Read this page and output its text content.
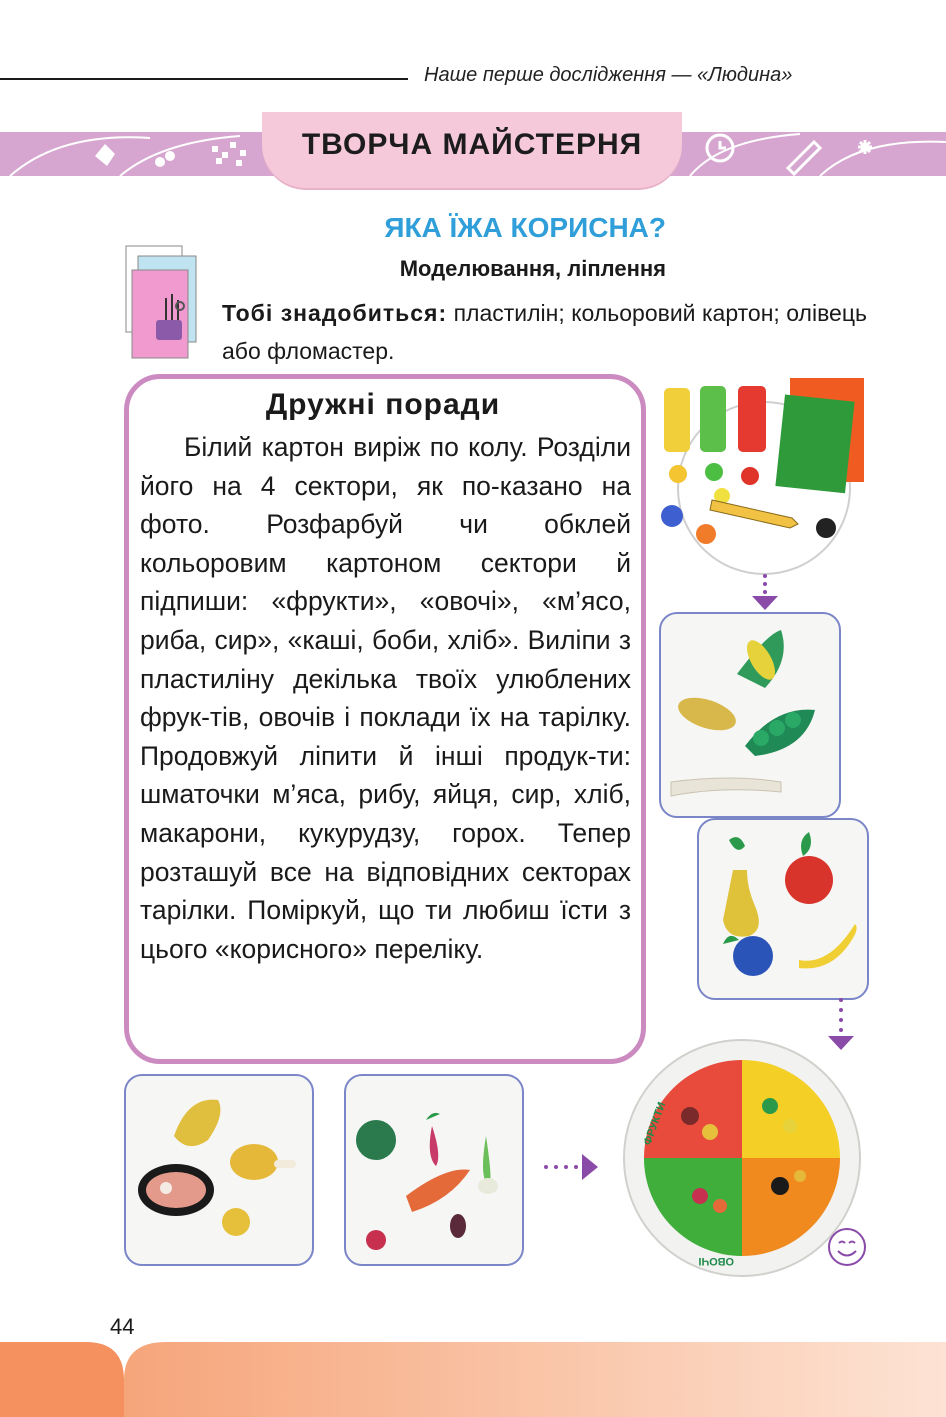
Наше перше дослідження — «Людина»
ТВОРЧА МАЙСТЕРНЯ
ЯКА ЇЖА КОРИСНА?
Моделювання, ліплення
Тобі знадобиться: пластилін; кольоровий картон; олівець або фломастер.
Дружні поради

Білий картон виріж по колу. Розділи його на 4 сектори, як по-казано на фото. Розфарбуй чи обклей кольоровим картоном сектори й підпиши: «фрукти», «овочі», «м’ясо, риба, сир», «каші, боби, хліб». Виліпи з пластиліну декілька твоїх улюблених фрук-тів, овочів і поклади їх на тарілку. Продовжуй ліпити й інші продук-ти: шматочки м’яса, рибу, яйця, сир, хліб, макарони, кукурудзу, горох. Тепер розташуй все на відповідних секторах тарілки. Поміркуй, що ти любиш їсти з цього «корисного» переліку.

ФРУКТИ
ОВОЧІ
44
